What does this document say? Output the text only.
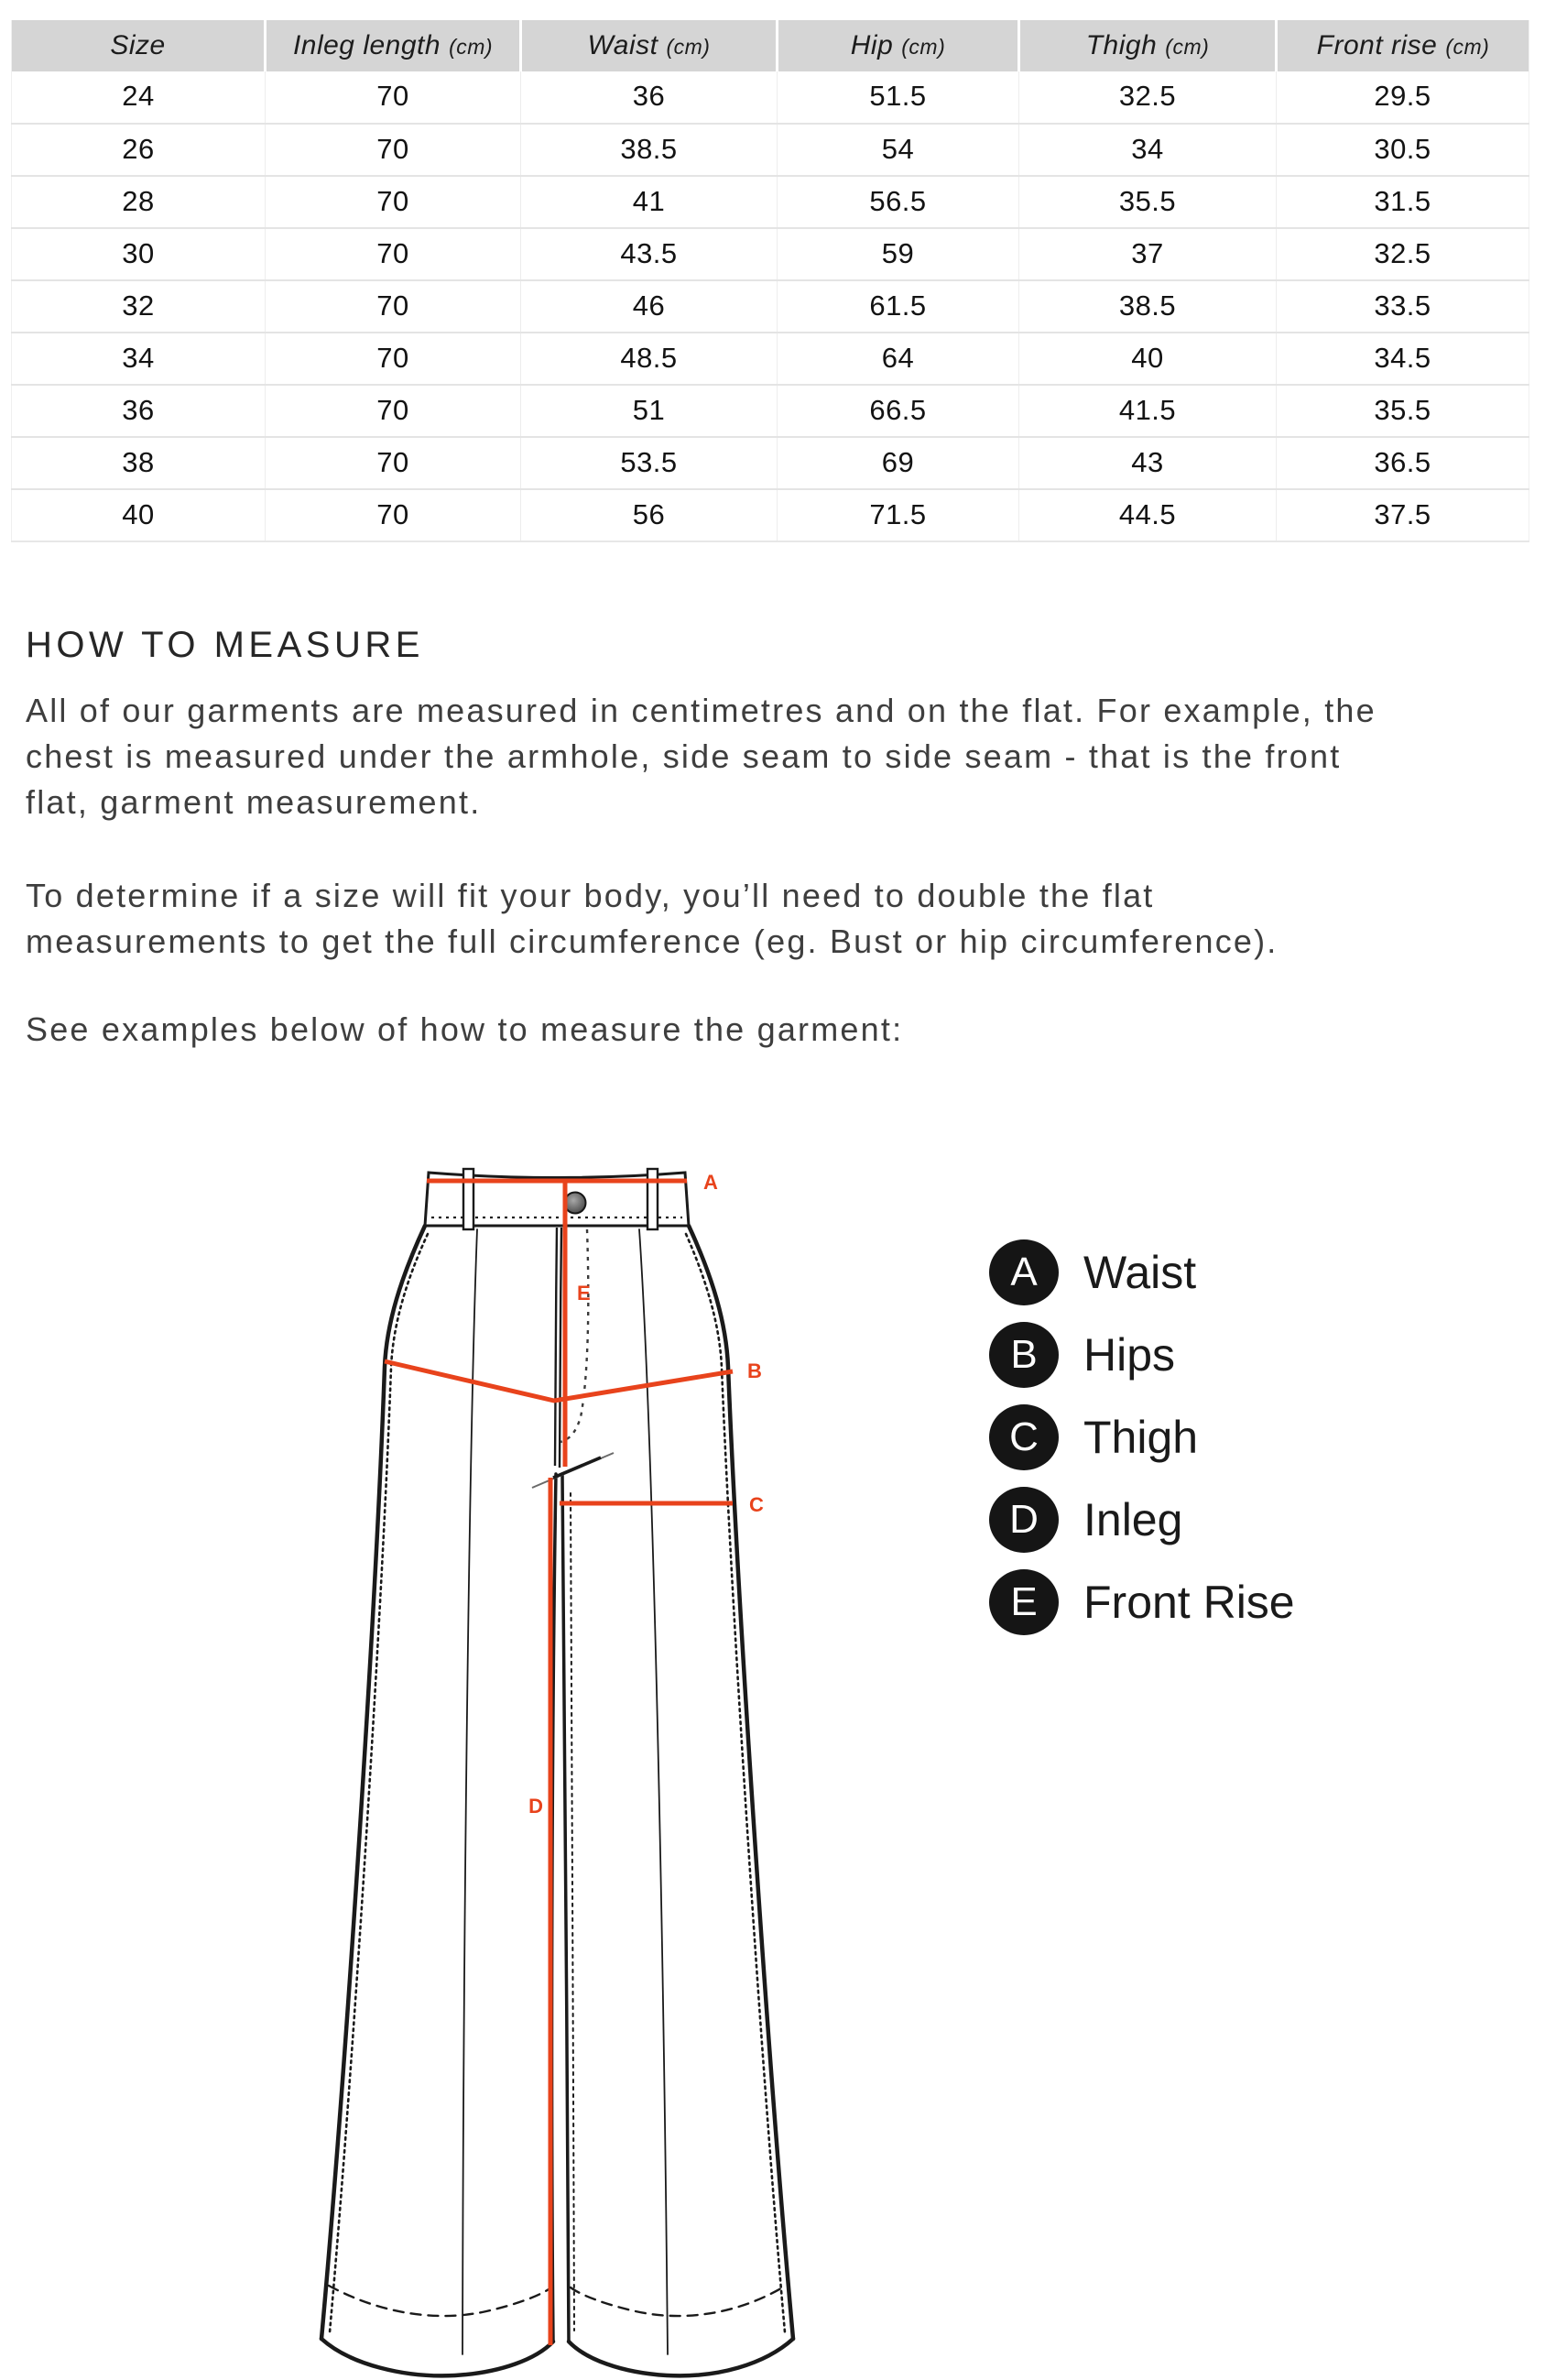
Size	Inleg length (cm)	Waist (cm)	Hip (cm)	Thigh (cm)	Front rise (cm)
24	70	36	51.5	32.5	29.5
26	70	38.5	54	34	30.5
28	70	41	56.5	35.5	31.5
30	70	43.5	59	37	32.5
32	70	46	61.5	38.5	33.5
34	70	48.5	64	40	34.5
36	70	51	66.5	41.5	35.5
38	70	53.5	69	43	36.5
40	70	56	71.5	44.5	37.5
HOW TO MEASURE
All of our garments are measured in centimetres and on the flat. For example, the
chest is measured under the armhole, side seam to side seam - that is the front
flat, garment measurement.
To determine if a size will fit your body, you’ll need to double the flat
measurements to get the full circumference (eg. Bust or hip circumference).
See examples below of how to measure the garment:
A
E
B
C
D
A	Waist
B	Hips
C Thigh
D Inleg
E	Front Rise
